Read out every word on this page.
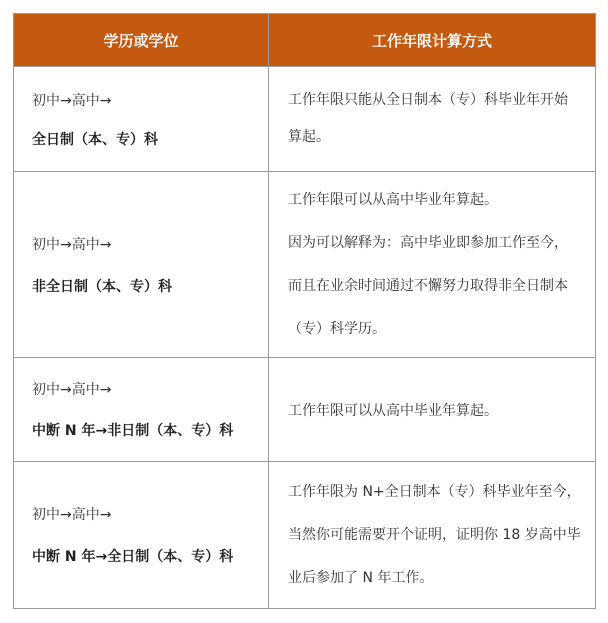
学历或学位	工作年限计算方式

初中→高中→
全日制（本、专）科	工作年限只能从全日制本（专）科毕业年开始
算起。

初中→高中→
非全日制（本、专）科	工作年限可以从高中毕业年算起。
因为可以解释为：高中毕业即参加工作至今，
而且在业余时间通过不懈努力取得非全日制本
（专）科学历。

初中→高中→
中断 N 年→非日制（本、专）科	工作年限可以从高中毕业年算起。

初中→高中→
中断 N 年→全日制（本、专）科	工作年限为 N+全日制本（专）科毕业年至今，
当然你可能需要开个证明，证明你 18 岁高中毕
业后参加了 N 年工作。
